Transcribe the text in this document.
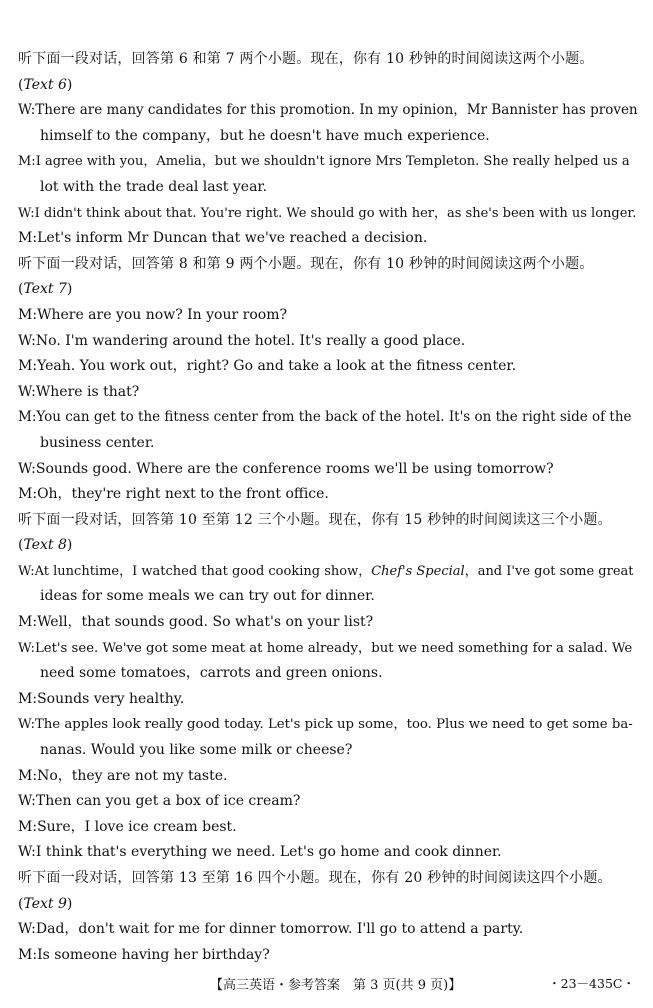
听下面一段对话，回答第 6 和第 7 两个小题。现在，你有 10 秒钟的时间阅读这两个小题。
(Text 6)
W:There are many candidates for this promotion. In my opinion，Mr Bannister has proven
himself to the company，but he doesn't have much experience.
M:I agree with you，Amelia，but we shouldn't ignore Mrs Templeton. She really helped us a
lot with the trade deal last year.
W:I didn't think about that. You're right. We should go with her，as she's been with us longer.
M:Let's inform Mr Duncan that we've reached a decision.
听下面一段对话，回答第 8 和第 9 两个小题。现在，你有 10 秒钟的时间阅读这两个小题。
(Text 7)
M:Where are you now? In your room?
W:No. I'm wandering around the hotel. It's really a good place.
M:Yeah. You work out，right? Go and take a look at the fitness center.
W:Where is that?
M:You can get to the fitness center from the back of the hotel. It's on the right side of the
business center.
W:Sounds good. Where are the conference rooms we'll be using tomorrow?
M:Oh，they're right next to the front office.
听下面一段对话，回答第 10 至第 12 三个小题。现在，你有 15 秒钟的时间阅读这三个小题。
(Text 8)
W:At lunchtime，I watched that good cooking show，Chef's Special，and I've got some great
ideas for some meals we can try out for dinner.
M:Well，that sounds good. So what's on your list?
W:Let's see. We've got some meat at home already，but we need something for a salad. We
need some tomatoes，carrots and green onions.
M:Sounds very healthy.
W:The apples look really good today. Let's pick up some，too. Plus we need to get some ba-
nanas. Would you like some milk or cheese?
M:No，they are not my taste.
W:Then can you get a box of ice cream?
M:Sure，I love ice cream best.
W:I think that's everything we need. Let's go home and cook dinner.
听下面一段对话，回答第 13 至第 16 四个小题。现在，你有 20 秒钟的时间阅读这四个小题。
(Text 9)
W:Dad，don't wait for me for dinner tomorrow. I'll go to attend a party.
M:Is someone having her birthday?
【高三英语・参考答案　第 3 页(共 9 页)】	・23－435C・
